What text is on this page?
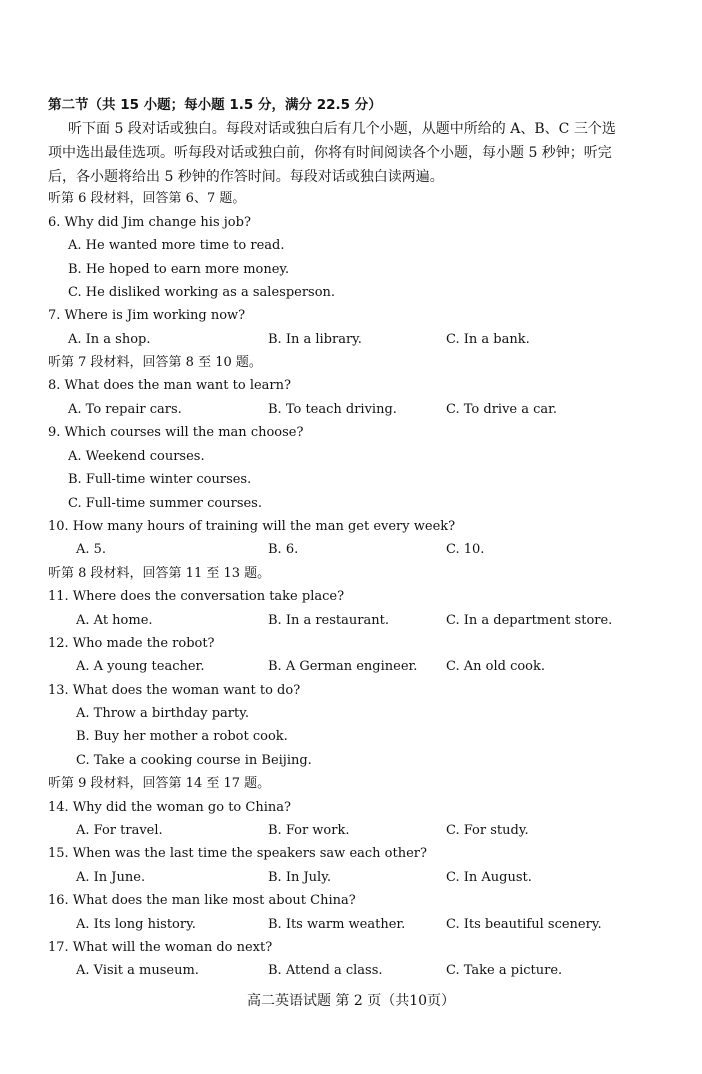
第二节（共 15 小题；每小题 1.5 分，满分 22.5 分）
听下面 5 段对话或独白。每段对话或独白后有几个小题，从题中所给的 A、B、C 三个选
项中选出最佳选项。听每段对话或独白前，你将有时间阅读各个小题，每小题 5 秒钟；听完
后，各小题将给出 5 秒钟的作答时间。每段对话或独白读两遍。
听第 6 段材料，回答第 6、7 题。
6. Why did Jim change his job?
A. He wanted more time to read.
B. He hoped to earn more money.
C. He disliked working as a salesperson.
7. Where is Jim working now?
A. In a shop.	B. In a library.	C. In a bank.
听第 7 段材料，回答第 8 至 10 题。
8. What does the man want to learn?
A. To repair cars.	B. To teach driving.	C. To drive a car.
9. Which courses will the man choose?
A. Weekend courses.
B. Full-time winter courses.
C. Full-time summer courses.
10. How many hours of training will the man get every week?
A. 5.	B. 6.	C. 10.
听第 8 段材料，回答第 11 至 13 题。
11. Where does the conversation take place?
A. At home.	B. In a restaurant.	C. In a department store.
12. Who made the robot?
A. A young teacher.	B. A German engineer. C. An old cook.
13. What does the woman want to do?
A. Throw a birthday party.
B. Buy her mother a robot cook.
C. Take a cooking course in Beijing.
听第 9 段材料，回答第 14 至 17 题。
14. Why did the woman go to China?
A. For travel.	B. For work.	C. For study.
15. When was the last time the speakers saw each other?
A. In June.	B. In July.	C. In August.
16. What does the man like most about China?
A. Its long history.	B. Its warm weather.	C. Its beautiful scenery.
17. What will the woman do next?
A. Visit a museum.	B. Attend a class.	C. Take a picture.
高二英语试题 第 2 页（共10页）
